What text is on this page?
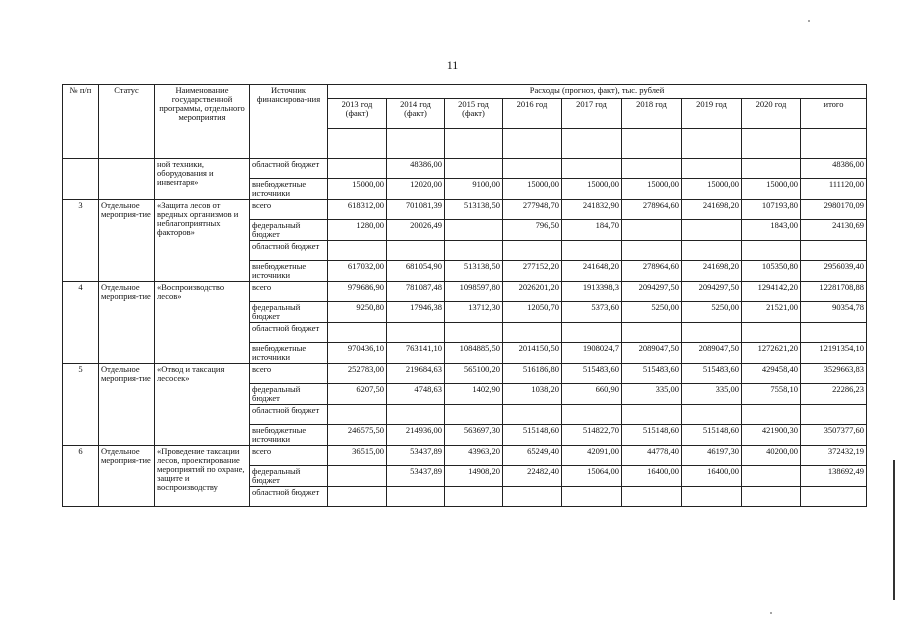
11
№ п/п	Статус	Наименование государственной программы, отдельного мероприятия	Источник финансирова-ния	Расходы (прогноз, факт), тыс. рублей								
				2013 год (факт)	2014 год (факт)	2015 год (факт)	2016 год	2017 год	2018 год	2019 год	2020 год	итого

		ной техники, оборудования и инвентаря»	областной бюджет		48386,00							48386,00
			внебюджетные источники	15000,00	12020,00	9100,00	15000,00	15000,00	15000,00	15000,00	15000,00	111120,00
3	Отдельное мероприя-тие	«Защита лесов от вредных организмов и неблагоприятных факторов»	всего	618312,00	701081,39	513138,50	277948,70	241832,90	278964,60	241698,20	107193,80	2980170,09
			федеральный бюджет	1280,00	20026,49		796,50	184,70			1843,00	24130,69
			областной бюджет									
			внебюджетные источники	617032,00	681054,90	513138,50	277152,20	241648,20	278964,60	241698,20	105350,80	2956039,40
4	Отдельное мероприя-тие	«Воспроизводство лесов»	всего	979686,90	781087,48	1098597,80	2026201,20	1913398,3	2094297,50	2094297,50	1294142,20	12281708,88
			федеральный бюджет	9250,80	17946,38	13712,30	12050,70	5373,60	5250,00	5250,00	21521,00	90354,78
			областной бюджет									
			внебюджетные источники	970436,10	763141,10	1084885,50	2014150,50	1908024,7	2089047,50	2089047,50	1272621,20	12191354,10
5	Отдельное мероприя-тие	«Отвод и таксация лесосек»	всего	252783,00	219684,63	565100,20	516186,80	515483,60	515483,60	515483,60	429458,40	3529663,83
			федеральный бюджет	6207,50	4748,63	1402,90	1038,20	660,90	335,00	335,00	7558,10	22286,23
			областной бюджет									
			внебюджетные источники	246575,50	214936,00	563697,30	515148,60	514822,70	515148,60	515148,60	421900,30	3507377,60
6	Отдельное мероприя-тие	«Проведение таксации лесов, проектирование мероприятий по охране, защите и воспроизводству	всего	36515,00	53437,89	43963,20	65249,40	42091,00	44778,40	46197,30	40200,00	372432,19
			федеральный бюджет		53437,89	14908,20	22482,40	15064,00	16400,00	16400,00		138692,49
			областной бюджет									
